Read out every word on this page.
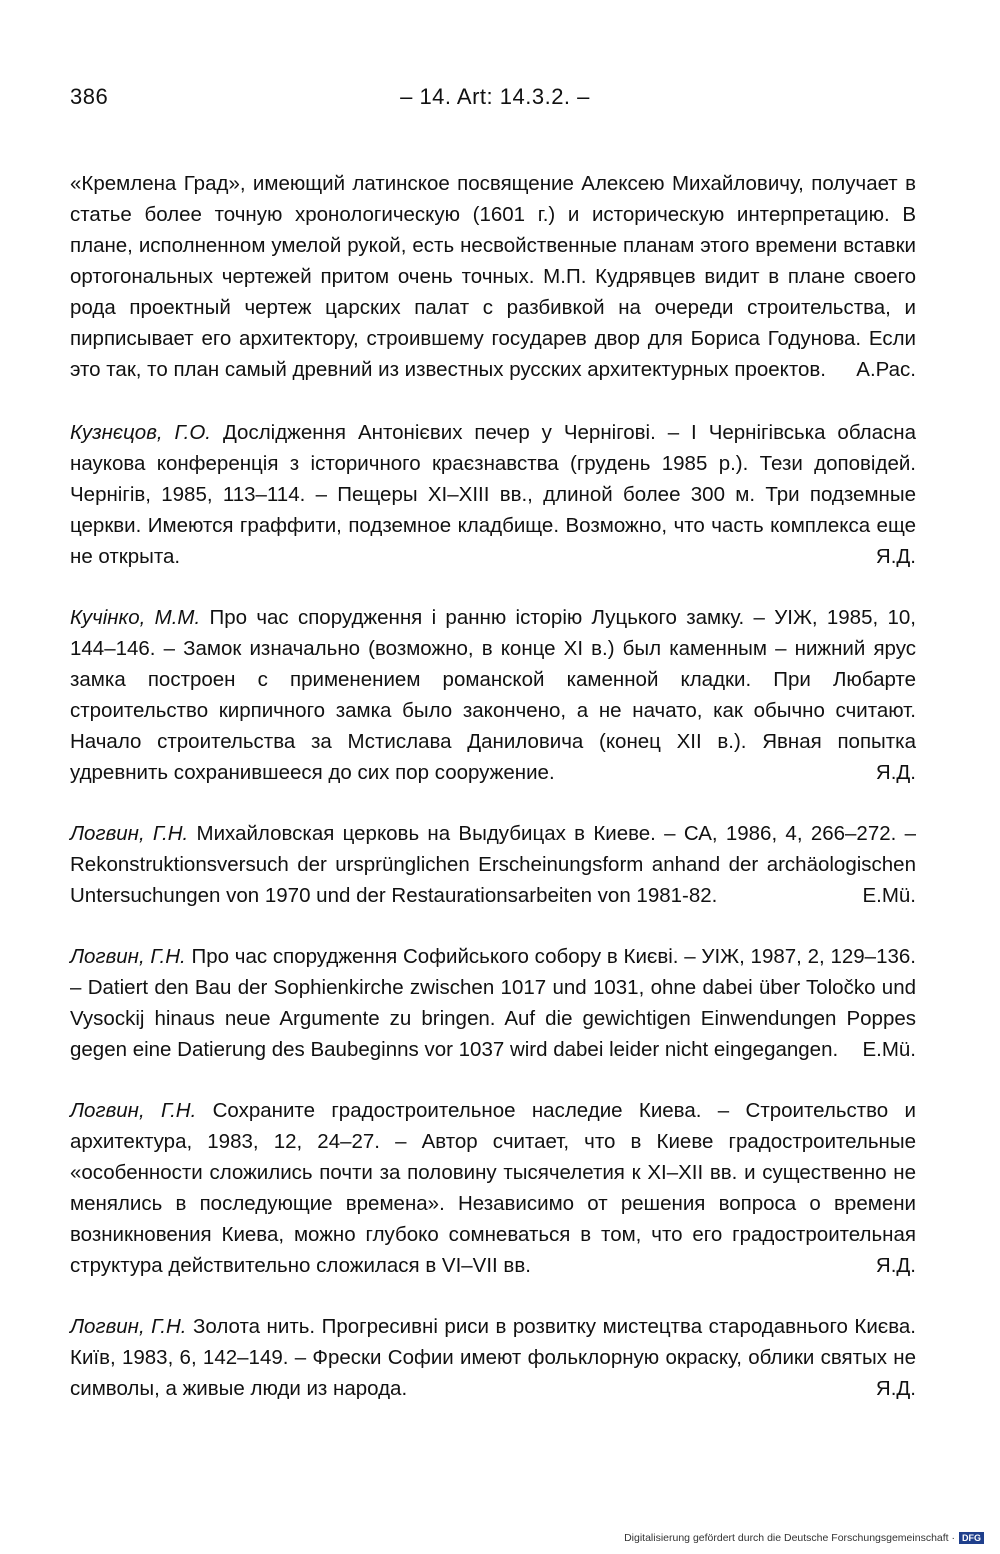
386	– 14. Art: 14.3.2. –

«Кремлена Град», имеющий латинское посвящение Алексею Михайловичу, получает в статье более точную хронологическую (1601 г.) и историческую интерпретацию. В плане, исполненном умелой рукой, есть несвойственные планам этого времени вставки ортогональных чертежей притом очень точных. М.П. Кудрявцев видит в плане своего рода проектный чертеж царских палат с разбивкой на очереди строительства, и пирписывает его архитектору, строившему государев двор для Бориса Годунова. Если это так, то план самый древний из известных русских архитектурных проектов. А.Рас.

Кузнєцов, Г.О. Дослідження Антонієвих печер у Чернігові. – І Чернігівська обласна наукова конференція з історичного краєзнавства (грудень 1985 р.). Тези доповідей. Чернігів, 1985, 113–114. – Пещеры XI–XIII вв., длиной более 300 м. Три подземные церкви. Имеются граффити, подземное кладбище. Возможно, что часть комплекса еще не открыта.	Я.Д.

Кучінко, М.М. Про час спорудження і ранню історію Луцького замку. – УІЖ, 1985, 10, 144–146. – Замок изначально (возможно, в конце XI в.) был каменным – нижний ярус замка построен с применением романской каменной кладки. При Любарте строительство кирпичного замка было закончено, а не начато, как обычно считают. Начало строительства за Мстислава Даниловича (конец XII в.). Явная попытка удревнить сохранившееся до сих пор сооружение.	Я.Д.

Логвин, Г.Н. Михайловская церковь на Выдубицах в Киеве. – СА, 1986, 4, 266–272. – Rekonstruktionsversuch der ursprünglichen Erscheinungsform anhand der archäologischen Untersuchungen von 1970 und der Restaurationsarbeiten von 1981-82.	E.Mü.

Логвин, Г.Н. Про час спорудження Софийського собору в Києві. – УІЖ, 1987, 2, 129–136. – Datiert den Bau der Sophienkirche zwischen 1017 und 1031, ohne dabei über Toločko und Vysockij hinaus neue Argumente zu bringen. Auf die gewichtigen Einwendungen Poppes gegen eine Datierung des Baubeginns vor 1037 wird dabei leider nicht eingegangen. E.Mü.

Логвин, Г.Н. Сохраните градостроительное наследие Киева. – Строительство и архитектура, 1983, 12, 24–27. – Автор считает, что в Киеве градостроительные «особенности сложились почти за половину тысячелетия к XI–XII вв. и существенно не менялись в последующие времена». Независимо от решения вопроса о времени возникновения Киева, можно глубоко сомневаться в том, что его градостроительная структура действительно сложилася в VI–VII вв.	Я.Д.

Логвин, Г.Н. Золота нить. Прогресивні риси в розвитку мистецтва стародавнього Києва. Київ, 1983, 6, 142–149. – Фрески Софии имеют фольклорную окраску, облики святых не символы, а живые люди из народа.	Я.Д.

Digitalisierung gefördert durch die Deutsche Forschungsgemeinschaft · DFG
